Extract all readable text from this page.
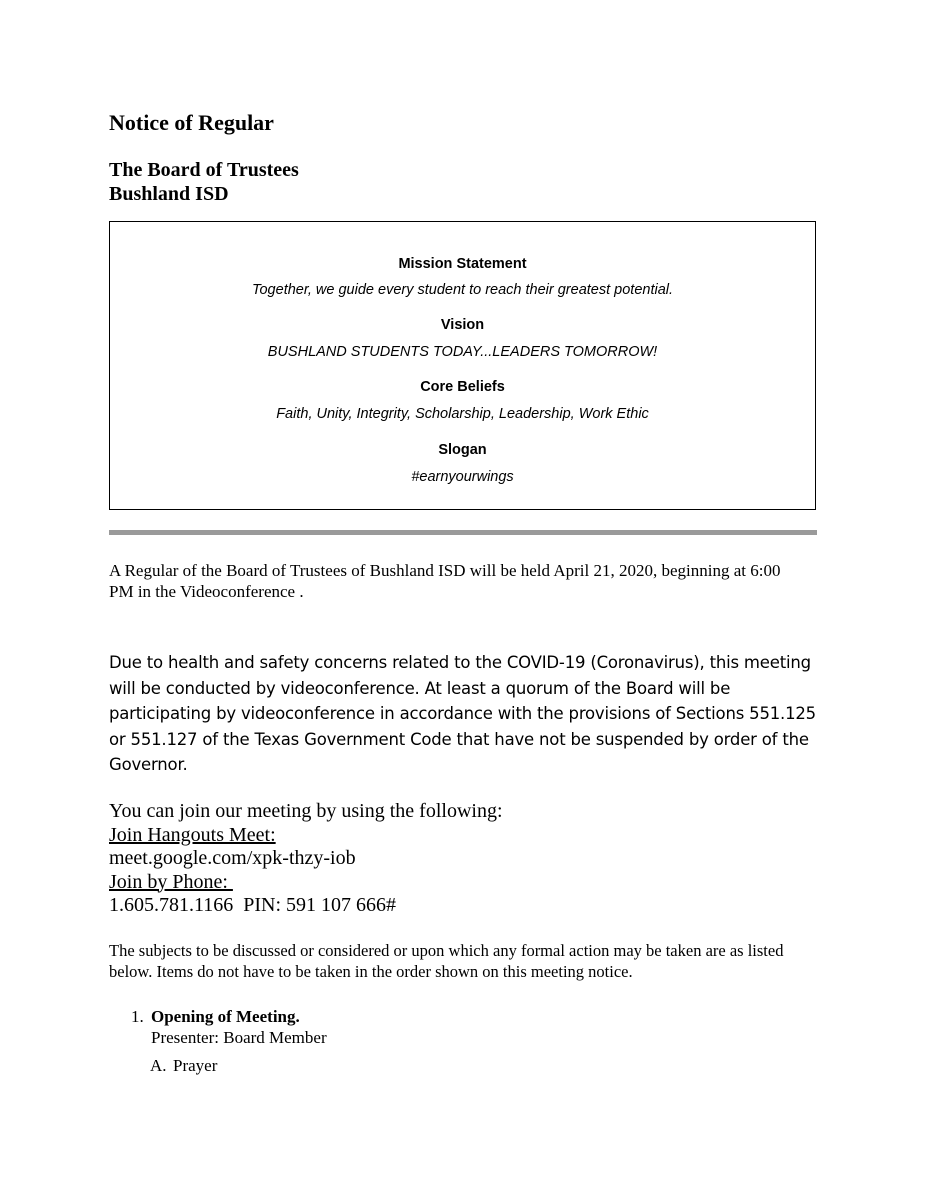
Notice of Regular
The Board of Trustees
Bushland ISD
Mission Statement
Together, we guide every student to reach their greatest potential.
Vision
BUSHLAND STUDENTS TODAY...LEADERS TOMORROW!
Core Beliefs
Faith, Unity, Integrity, Scholarship, Leadership, Work Ethic
Slogan
#earnyourwings
A Regular of the Board of Trustees of Bushland ISD will be held April 21, 2020, beginning at 6:00 PM in the Videoconference .
Due to health and safety concerns related to the COVID-19 (Coronavirus), this meeting will be conducted by videoconference. At least a quorum of the Board will be participating by videoconference in accordance with the provisions of Sections 551.125 or 551.127 of the Texas Government Code that have not be suspended by order of the Governor.
You can join our meeting by using the following:
Join Hangouts Meet:
meet.google.com/xpk-thzy-iob
Join by Phone:
1.605.781.1166  PIN: 591 107 666#
The subjects to be discussed or considered or upon which any formal action may be taken are as listed below. Items do not have to be taken in the order shown on this meeting notice.
1. Opening of Meeting.
Presenter: Board Member
A. Prayer
